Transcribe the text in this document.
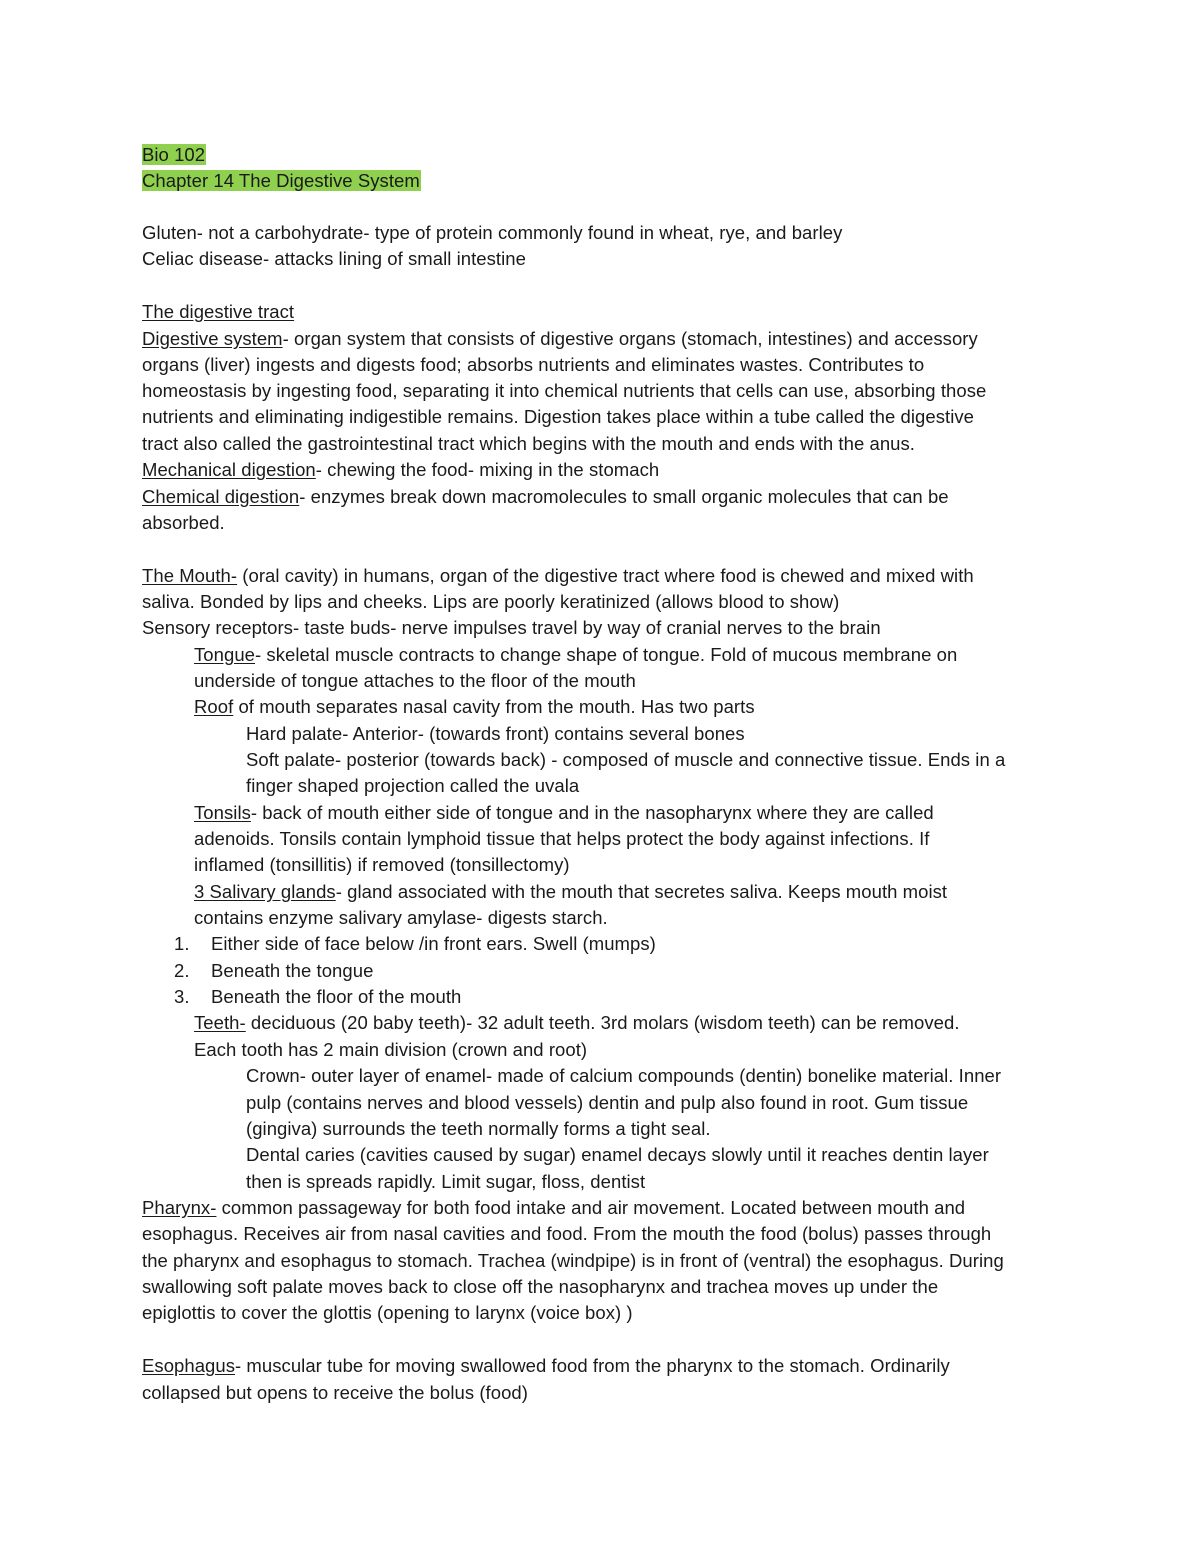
Bio 102

Chapter 14 The Digestive System

Gluten- not a carbohydrate- type of protein commonly found in wheat, rye, and barley

Celiac disease- attacks lining of small intestine

The digestive tract

Digestive system- organ system that consists of digestive organs (stomach, intestines) and accessory

organs (liver) ingests and digests food; absorbs nutrients and eliminates wastes. Contributes to

homeostasis by ingesting food, separating it into chemical nutrients that cells can use, absorbing those

nutrients and eliminating indigestible remains. Digestion takes place within a tube called the digestive

tract also called the gastrointestinal tract which begins with the mouth and ends with the anus.

Mechanical digestion- chewing the food- mixing in the stomach

Chemical digestion- enzymes break down macromolecules to small organic molecules that can be

absorbed.

The Mouth- (oral cavity) in humans, organ of the digestive tract where food is chewed and mixed with

saliva. Bonded by lips and cheeks. Lips are poorly keratinized (allows blood to show)

Sensory receptors- taste buds- nerve impulses travel by way of cranial nerves to the brain

Tongue- skeletal muscle contracts to change shape of tongue. Fold of mucous membrane on

underside of tongue attaches to the floor of the mouth

Roof of mouth separates nasal cavity from the mouth. Has two parts

Hard palate- Anterior- (towards front) contains several bones

Soft palate- posterior (towards back) - composed of muscle and connective tissue. Ends in a

finger shaped projection called the uvala

Tonsils- back of mouth either side of tongue and in the nasopharynx where they are called

adenoids. Tonsils contain lymphoid tissue that helps protect the body against infections. If

inflamed (tonsillitis) if removed (tonsillectomy)

3 Salivary glands- gland associated with the mouth that secretes saliva. Keeps mouth moist

contains enzyme salivary amylase- digests starch.

Teeth- deciduous (20 baby teeth)- 32 adult teeth. 3rd molars (wisdom teeth) can be removed.

Each tooth has 2 main division (crown and root)

Crown- outer layer of enamel- made of calcium compounds (dentin) bonelike material. Inner

pulp (contains nerves and blood vessels) dentin and pulp also found in root. Gum tissue

(gingiva) surrounds the teeth normally forms a tight seal.

Dental caries (cavities caused by sugar) enamel decays slowly until it reaches dentin layer

then is spreads rapidly. Limit sugar, floss, dentist

Pharynx- common passageway for both food intake and air movement. Located between mouth and

esophagus. Receives air from nasal cavities and food. From the mouth the food (bolus) passes through

the pharynx and esophagus to stomach. Trachea (windpipe) is in front of (ventral) the esophagus. During

swallowing soft palate moves back to close off the nasopharynx and trachea moves up under the

epiglottis to cover the glottis (opening to larynx (voice box) )

Esophagus- muscular tube for moving swallowed food from the pharynx to the stomach. Ordinarily

collapsed but opens to receive the bolus (food)

1. Either side of face below /in front ears. Swell (mumps)

2. Beneath the tongue

3. Beneath the floor of the mouth
